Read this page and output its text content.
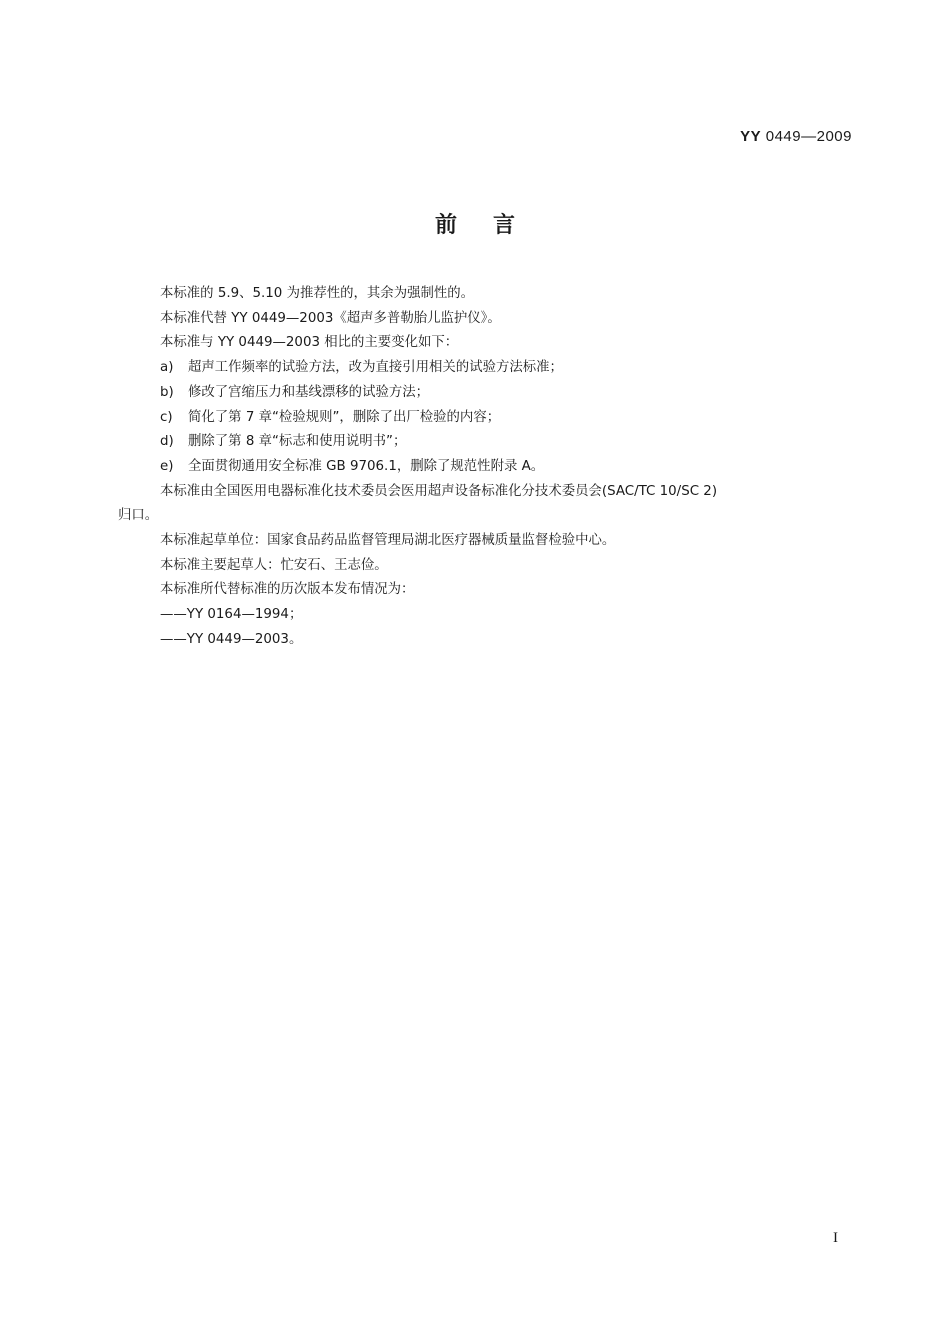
YY 0449—2009
前言

本标准的 5.9、5.10 为推荐性的，其余为强制性的。

本标准代替 YY 0449—2003《超声多普勒胎儿监护仪》。

本标准与 YY 0449—2003 相比的主要变化如下：

a) 超声工作频率的试验方法，改为直接引用相关的试验方法标准；

b) 修改了宫缩压力和基线漂移的试验方法；

c) 简化了第 7 章“检验规则”，删除了出厂检验的内容；

d) 删除了第 8 章“标志和使用说明书”；

e) 全面贯彻通用安全标准 GB 9706.1，删除了规范性附录 A。

本标准由全国医用电器标准化技术委员会医用超声设备标准化分技术委员会(SAC/TC 10/SC 2)

归口。

本标准起草单位：国家食品药品监督管理局湖北医疗器械质量监督检验中心。

本标准主要起草人：忙安石、王志俭。

本标准所代替标准的历次版本发布情况为：

——YY 0164—1994；

——YY 0449—2003。

I
